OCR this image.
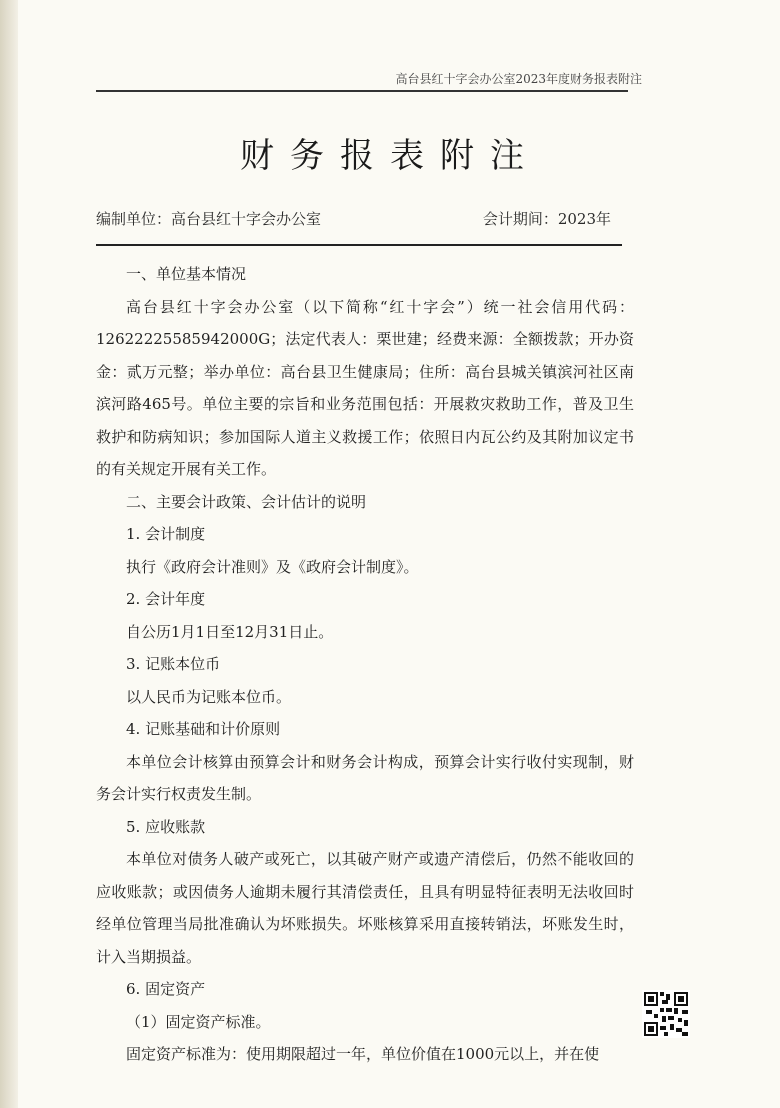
高台县红十字会办公室2023年度财务报表附注
财务报表附注
编制单位：高台县红十字会办公室	会计期间：2023年

一、单位基本情况

高台县红十字会办公室（以下简称“红十字会”）统一社会信用代码：12622225585942000G；法定代表人：栗世建；经费来源：全额拨款；开办资金：贰万元整；举办单位：高台县卫生健康局；住所：高台县城关镇滨河社区南滨河路465号。单位主要的宗旨和业务范围包括：开展救灾救助工作，普及卫生救护和防病知识；参加国际人道主义救援工作；依照日内瓦公约及其附加议定书的有关规定开展有关工作。

二、主要会计政策、会计估计的说明

1. 会计制度

执行《政府会计准则》及《政府会计制度》。

2. 会计年度

自公历1月1日至12月31日止。

3. 记账本位币

以人民币为记账本位币。

4. 记账基础和计价原则

本单位会计核算由预算会计和财务会计构成，预算会计实行收付实现制，财务会计实行权责发生制。

5. 应收账款

本单位对债务人破产或死亡，以其破产财产或遗产清偿后，仍然不能收回的应收账款；或因债务人逾期未履行其清偿责任，且具有明显特征表明无法收回时经单位管理当局批准确认为坏账损失。坏账核算采用直接转销法，坏账发生时，计入当期损益。

6. 固定资产

（1）固定资产标准。

固定资产标准为：使用期限超过一年，单位价值在1000元以上，并在使
